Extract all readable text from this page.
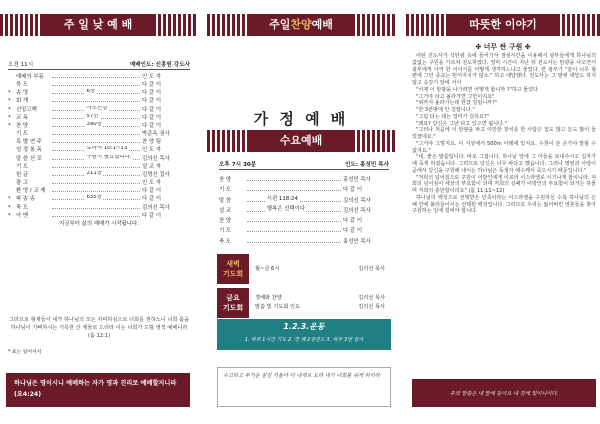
주 일 낮 예 배
오전 11시	예배인도: 신흥원 강도사
예배의 부름	인 도 자
묵 도	다 같 이
* 송 영	6장	다 같 이
* 회 개	다 같 이
* 신앙고백	사도신경	다 같 이
* 교 독	57번	다 같 이
* 찬 양	390장	다 같 이
기 도	박준옥 권사
특 별 연 주	찬 양 팀
성 경 봉 독	로마서 10:1~13	인 도 자
말 씀 선 포	구원이 필요합니다. 김의선 목사
기 도	설 교 자
헌 금	211장	김명선 집사
광 고	인 도 자
환 영 / 교 제	다 같 이
* 파 송 송	635장	다 같 이
* 축 도	김의선 목사
* 아 멘	다 같 이
지금부터 삶의 예배가 시작됩니다.
그러므로 형제들아 내가 하나님의 모든 자비하심으로 너희를 권하노니 너희 몸을 하나님이 기뻐하시는 거룩한 산 제물로 드리라 이는 너희가 드릴 영적 예배니라(롬 12:1)
* 표는 일어서서
하나님은 영이시니 예배하는 자가 영과 진리로 예배할지니라 (요4:24)
주일찬양예배
가 정 예 배
수요예배
오후 7시 30분	인도: 홍성민 목사
찬 양	홍성민 목사
기 도	다 같 이
말 씀	시편 118:24	김의선 목사
설 교	행복은 선택이다	김의선 목사
찬 양	다 같 이
기 도	다 같 이
축 도	홍성민 목사
새벽
기도회
월~금 6시	김의선 목사
금요
기도회
경배와 찬양	김의선 목사
말씀 및 기도회 인도	김의선 목사
1.2.3.운동
1. 하루 1시간 기도 2. 한 해 2권전도 3. 하루 3번 감사
수고하고 무거운 짐진 자들아 다 내게로 오라 내가 너희를 쉬게 하리라
따뜻한 이야기
✤ 너무 싼 구원 ✤

어떤 전도사가 석탄광 속에 들어가서 점심시간을 이용해서 광부들에게 하나님의 값없는 구원을 가르쳐 전도하였다. 얼마 시간이 지난 뒤 전도사는 탄광을 나오면서 광부에게 아까 한 이야기를 어떻게 생각하느냐고 물었다. 한 광부가 "같이 너무 형편에 그런 종교는 믿어지지가 않소." 하고 대답했다. 전도사는 그 말에 대답도 하지 않고 승강기 앞에 서서

"이제 이 탄광을 나가려면 어떻게 합니까 ?"하고 물었다

"그거야 타고 올라가면 그만이지요"

"위까지 올라가는데 한참 걸립니까?"

"한 3분밖에 안 걸립니다."

"그럼 타는 데는 얼마가 걸리요?"

"왜요? 당신은 그냥 타고 있으면 됩니다."

"그러나 처음에 이 탄광을 파고 이만한 장치를 한 사람은 힘도 많고 돈도 많이 들었겠네요."

"그거야 그렇지요. 이 지상에서 500m 아래에 있지요. 수천이 돈 손가야 말할 수 없지요."

"네, 좋은 말씀입니다. 바로 그겁니다. 하나님 앞에 그 아들을 보내주시고 십자가에 죽게 하셨습니다. 그러므로 당신은 너무 싸다고 했습니다. 그러나 명령과 사랑이 곧에서 당신을 구원해 내시는 하나님은 독생자 예수께서 죽으시기 때문입니다."

"저희의 넘어짐으로 구원이 이방인에게 이르러 이스라엘로 시기나게 함이니라. 저희의 넘어짐이 세상의 부요함이 되며 저희의 실패가 이방인의 부요함이 되거든 하물며 저희의 충만함이리요" (롬 11:11~12)

하나님의 백성으로 선택받은 민족이라는 이스라엘을 구원하실 수록 하나님의 은혜 안에 불러들이시는 선택된 백성입니다. 그러므로 우리는 잃어버린 영혼들을 찾아 구원하는 일에 힘써야 합니다.

주의 말씀은 내 발에 등이요 내 길에 빛이니이다.
